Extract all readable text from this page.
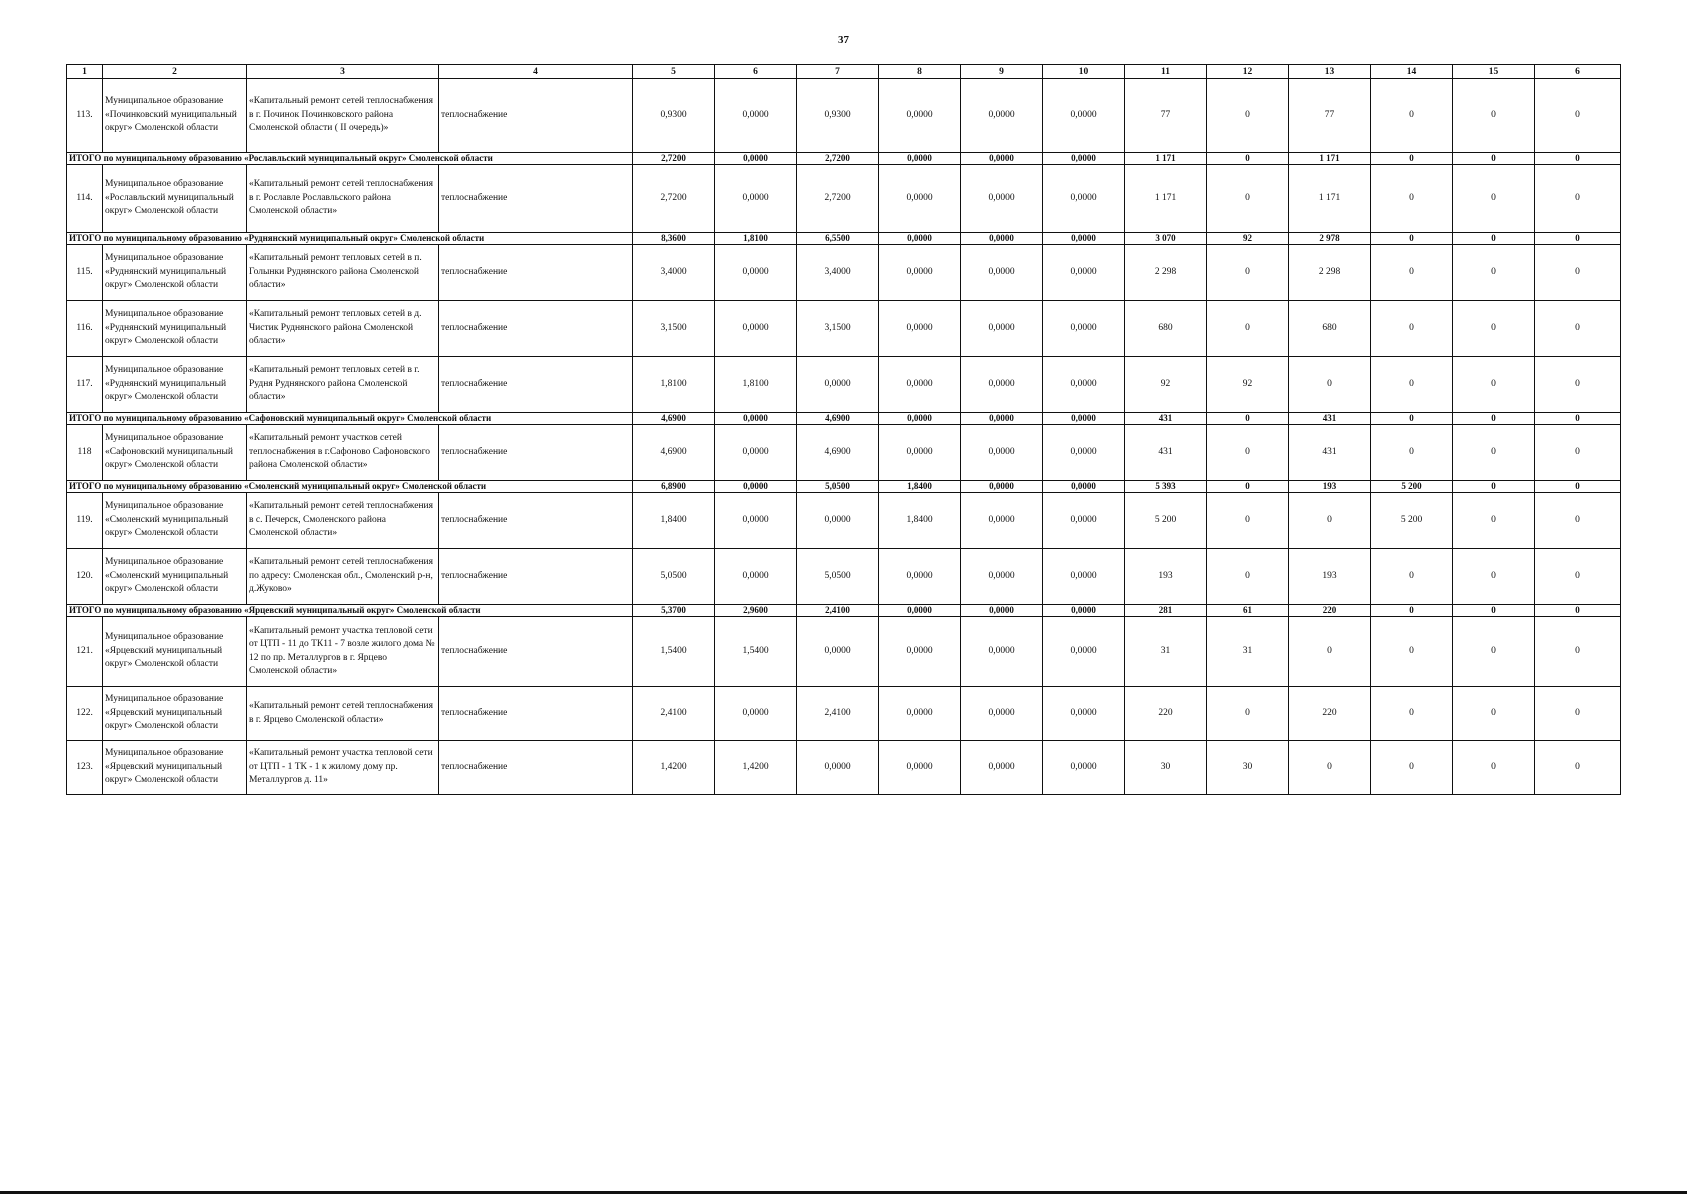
37
1	2	3	4	5	6	7	8	9	10	11	12	13	14	15	6
113.	Муниципальное образование «Починковский муниципальный округ» Смоленской области	«Капитальный ремонт сетей теплоснабжения в г. Починок Починковского района Смоленской области ( II очередь)»	теплоснабжение	0,9300	0,0000	0,9300	0,0000	0,0000	0,0000	77	0	77	0	0	0
ИТОГО по муниципальному образованию «Рославльский муниципальный округ» Смоленской области				2,7200	0,0000	2,7200	0,0000	0,0000	0,0000	1 171	0	1 171	0	0	0
114.	Муниципальное образование «Рославльский муниципальный округ» Смоленской области	«Капитальный ремонт сетей теплоснабжения в г. Рославле Рославльского района Смоленской области»	теплоснабжение	2,7200	0,0000	2,7200	0,0000	0,0000	0,0000	1 171	0	1 171	0	0	0
ИТОГО по муниципальному образованию «Руднянский муниципальный округ» Смоленской области				8,3600	1,8100	6,5500	0,0000	0,0000	0,0000	3 070	92	2 978	0	0	0
115.	Муниципальное образование «Руднянский муниципальный округ» Смоленской области	«Капитальный ремонт тепловых сетей в п. Голынки Руднянского района Смоленской области»	теплоснабжение	3,4000	0,0000	3,4000	0,0000	0,0000	0,0000	2 298	0	2 298	0	0	0
116.	Муниципальное образование «Руднянский муниципальный округ» Смоленской области	«Капитальный ремонт тепловых сетей в д. Чистик Руднянского района Смоленской области»	теплоснабжение	3,1500	0,0000	3,1500	0,0000	0,0000	0,0000	680	0	680	0	0	0
117.	Муниципальное образование «Руднянский муниципальный округ» Смоленской области	«Капитальный ремонт тепловых сетей в г. Рудня Руднянского района Смоленской области»	теплоснабжение	1,8100	1,8100	0,0000	0,0000	0,0000	0,0000	92	92	0	0	0	0
ИТОГО по муниципальному образованию «Сафоновский муниципальный округ» Смоленской области				4,6900	0,0000	4,6900	0,0000	0,0000	0,0000	431	0	431	0	0	0
118	Муниципальное образование «Сафоновский муниципальный округ» Смоленской области	«Капитальный ремонт участков сетей теплоснабжения в г.Сафоново Сафоновского района Смоленской области»	теплоснабжение	4,6900	0,0000	4,6900	0,0000	0,0000	0,0000	431	0	431	0	0	0
ИТОГО по муниципальному образованию «Смоленский муниципальный округ» Смоленской области				6,8900	0,0000	5,0500	1,8400	0,0000	0,0000	5 393	0	193	5 200	0	0
119.	Муниципальное образование «Смоленский муниципальный округ» Смоленской области	«Капитальный ремонт сетей теплоснабжения в с. Печерск, Смоленского района Смоленской области»	теплоснабжение	1,8400	0,0000	0,0000	1,8400	0,0000	0,0000	5 200	0	0	5 200	0	0
120.	Муниципальное образование «Смоленский муниципальный округ» Смоленской области	«Капитальный ремонт сетей теплоснабжения по адресу: Смоленская обл., Смоленский р-н, д.Жуково»	теплоснабжение	5,0500	0,0000	5,0500	0,0000	0,0000	0,0000	193	0	193	0	0	0
ИТОГО по муниципальному образованию «Ярцевский муниципальный округ» Смоленской области				5,3700	2,9600	2,4100	0,0000	0,0000	0,0000	281	61	220	0	0	0
121.	Муниципальное образование «Ярцевский муниципальный округ» Смоленской области	«Капитальный ремонт участка тепловой сети от ЦТП - 11 до ТК11 - 7 возле жилого дома № 12 по пр. Металлургов в г. Ярцево Смоленской области»	теплоснабжение	1,5400	1,5400	0,0000	0,0000	0,0000	0,0000	31	31	0	0	0	0
122.	Муниципальное образование «Ярцевский муниципальный округ» Смоленской области	«Капитальный ремонт сетей теплоснабжения в г. Ярцево Смоленской области»	теплоснабжение	2,4100	0,0000	2,4100	0,0000	0,0000	0,0000	220	0	220	0	0	0
123.	Муниципальное образование «Ярцевский муниципальный округ» Смоленской области	«Капитальный ремонт участка тепловой сети от ЦТП - 1 ТК - 1 к жилому дому пр. Металлургов д. 11»	теплоснабжение	1,4200	1,4200	0,0000	0,0000	0,0000	0,0000	30	30	0	0	0	0
